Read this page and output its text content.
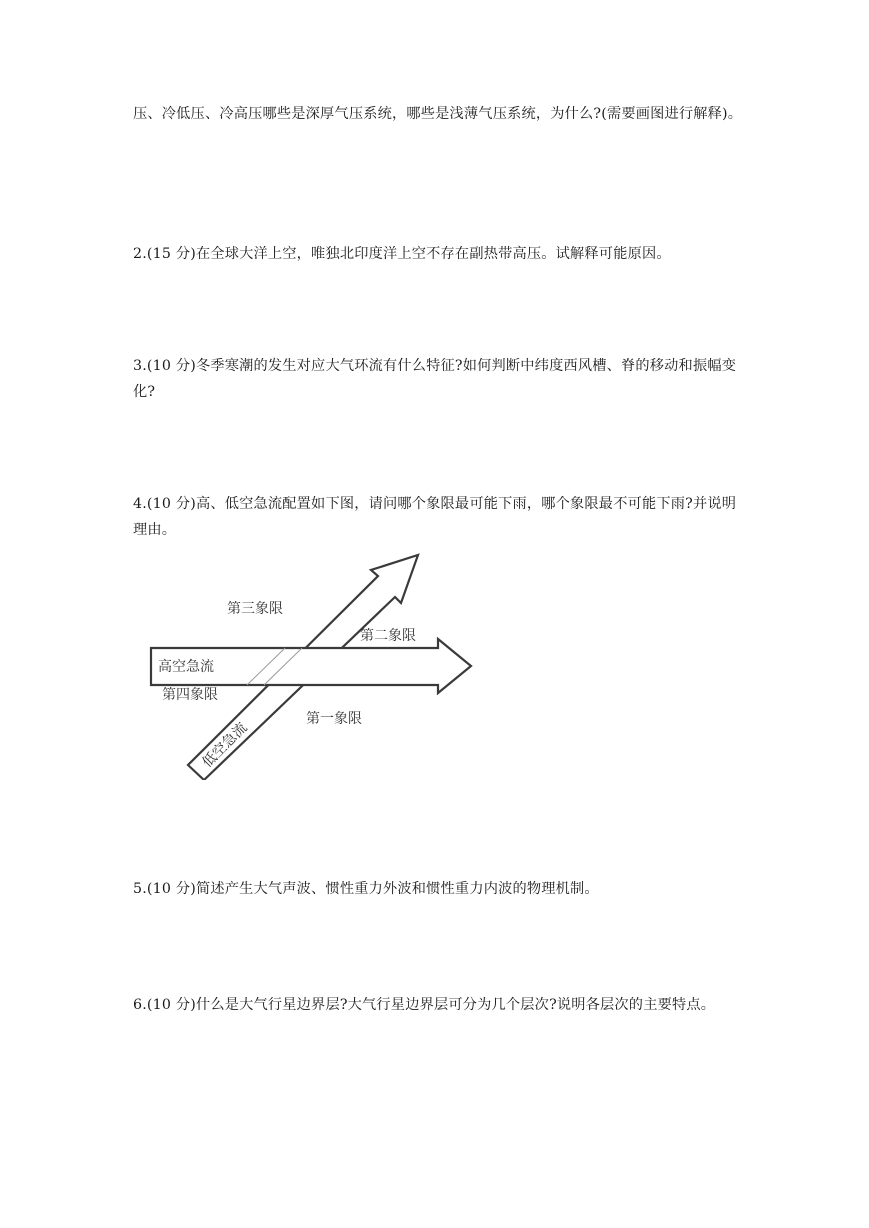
压、冷低压、冷高压哪些是深厚气压系统，哪些是浅薄气压系统，为什么?(需要画图进行解释)。

2.(15 分)在全球大洋上空，唯独北印度洋上空不存在副热带高压。试解释可能原因。

3.(10 分)冬季寒潮的发生对应大气环流有什么特征?如何判断中纬度西风槽、脊的移动和振幅变化?

4.(10 分)高、低空急流配置如下图，请问哪个象限最可能下雨，哪个象限最不可能下雨?并说明理由。

第三象限
第二象限
高空急流
第四象限
第一象限
低空急流

5.(10 分)简述产生大气声波、惯性重力外波和惯性重力内波的物理机制。

6.(10 分)什么是大气行星边界层?大气行星边界层可分为几个层次?说明各层次的主要特点。
